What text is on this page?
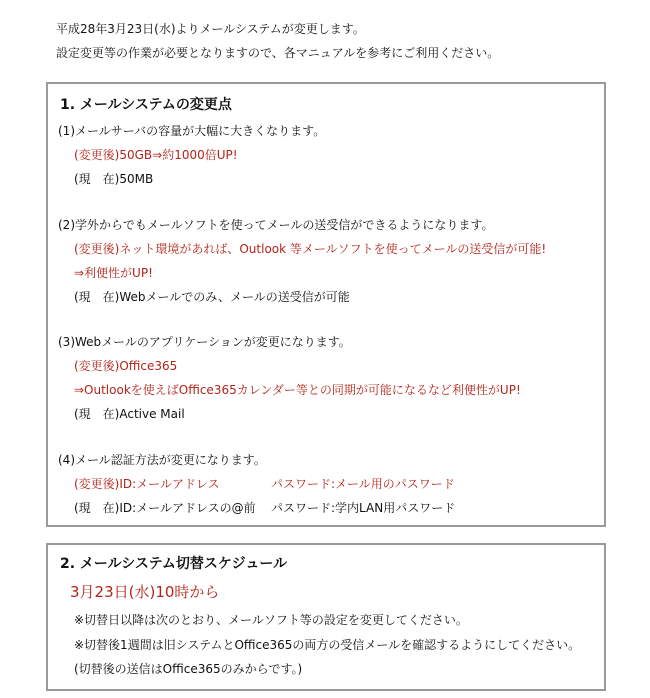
平成28年3月23日(水)よりメールシステムが変更します。
設定変更等の作業が必要となりますので、各マニュアルを参考にご利用ください。
1. メールシステムの変更点
(1)メールサーバの容量が大幅に大きくなります。
(変更後)50GB⇒約1000倍UP!
(現　在)50MB
(2)学外からでもメールソフトを使ってメールの送受信ができるようになります。
(変更後)ネット環境があれば、Outlook 等メールソフトを使ってメールの送受信が可能!
⇒利便性がUP!
(現　在)Webメールでのみ、メールの送受信が可能
(3)Webメールのアプリケーションが変更になります。
(変更後)Office365
⇒Outlookを使えばOffice365カレンダー等との同期が可能になるなど利便性がUP!
(現　在)Active Mail
(4)メール認証方法が変更になります。
(変更後)ID:メールアドレス	パスワード:メール用のパスワード
(現　在)ID:メールアドレスの@前 パスワード:学内LAN用パスワード
2. メールシステム切替スケジュール
3月23日(水)10時から
※切替日以降は次のとおり、メールソフト等の設定を変更してください。
※切替後1週間は旧システムとOffice365の両方の受信メールを確認するようにしてください。
(切替後の送信はOffice365のみからです。)
